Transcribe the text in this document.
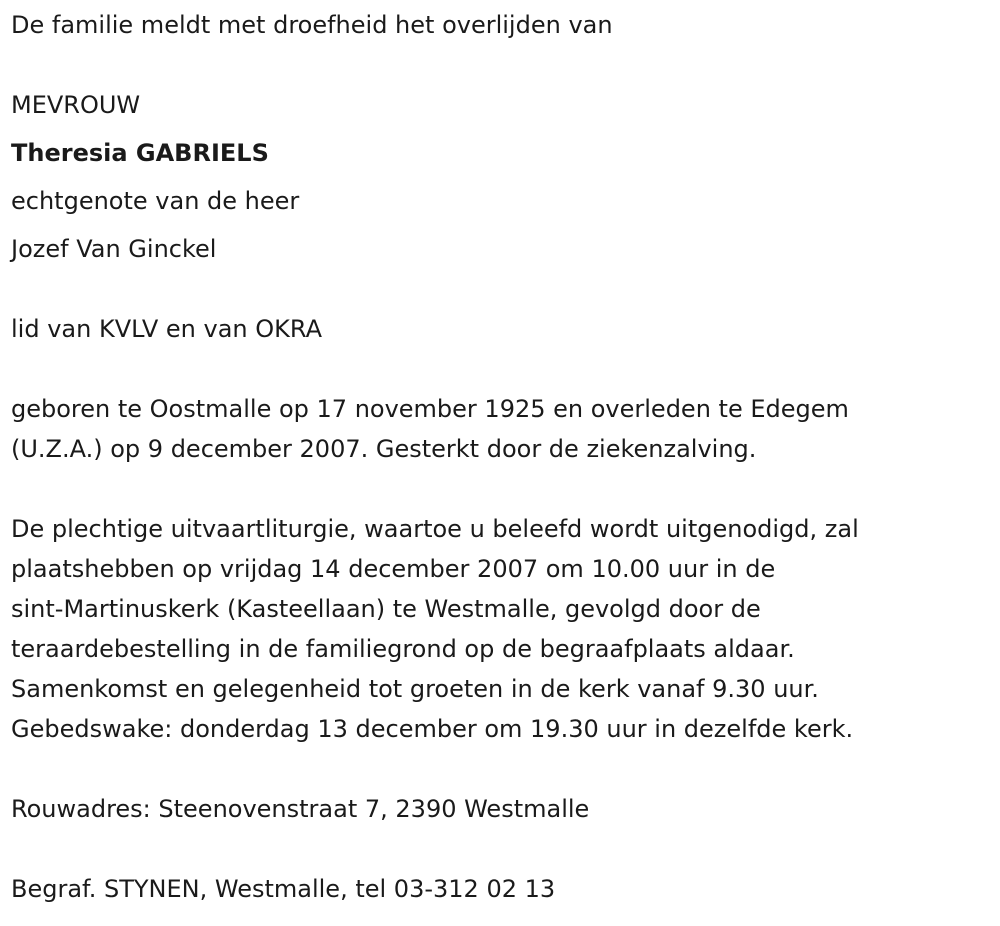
De familie meldt met droefheid het overlijden van
MEVROUW
Theresia GABRIELS
echtgenote van de heer
Jozef Van Ginckel
lid van KVLV en van OKRA
geboren te Oostmalle op 17 november 1925 en overleden te Edegem
(U.Z.A.) op 9 december 2007. Gesterkt door de ziekenzalving.
De plechtige uitvaartliturgie, waartoe u beleefd wordt uitgenodigd, zal
plaatshebben op vrijdag 14 december 2007 om 10.00 uur in de
sint-Martinuskerk (Kasteellaan) te Westmalle, gevolgd door de
teraardebestelling in de familiegrond op de begraafplaats aldaar.
Samenkomst en gelegenheid tot groeten in de kerk vanaf 9.30 uur.
Gebedswake: donderdag 13 december om 19.30 uur in dezelfde kerk.
Rouwadres: Steenovenstraat 7, 2390 Westmalle
Begraf. STYNEN, Westmalle, tel 03-312 02 13
